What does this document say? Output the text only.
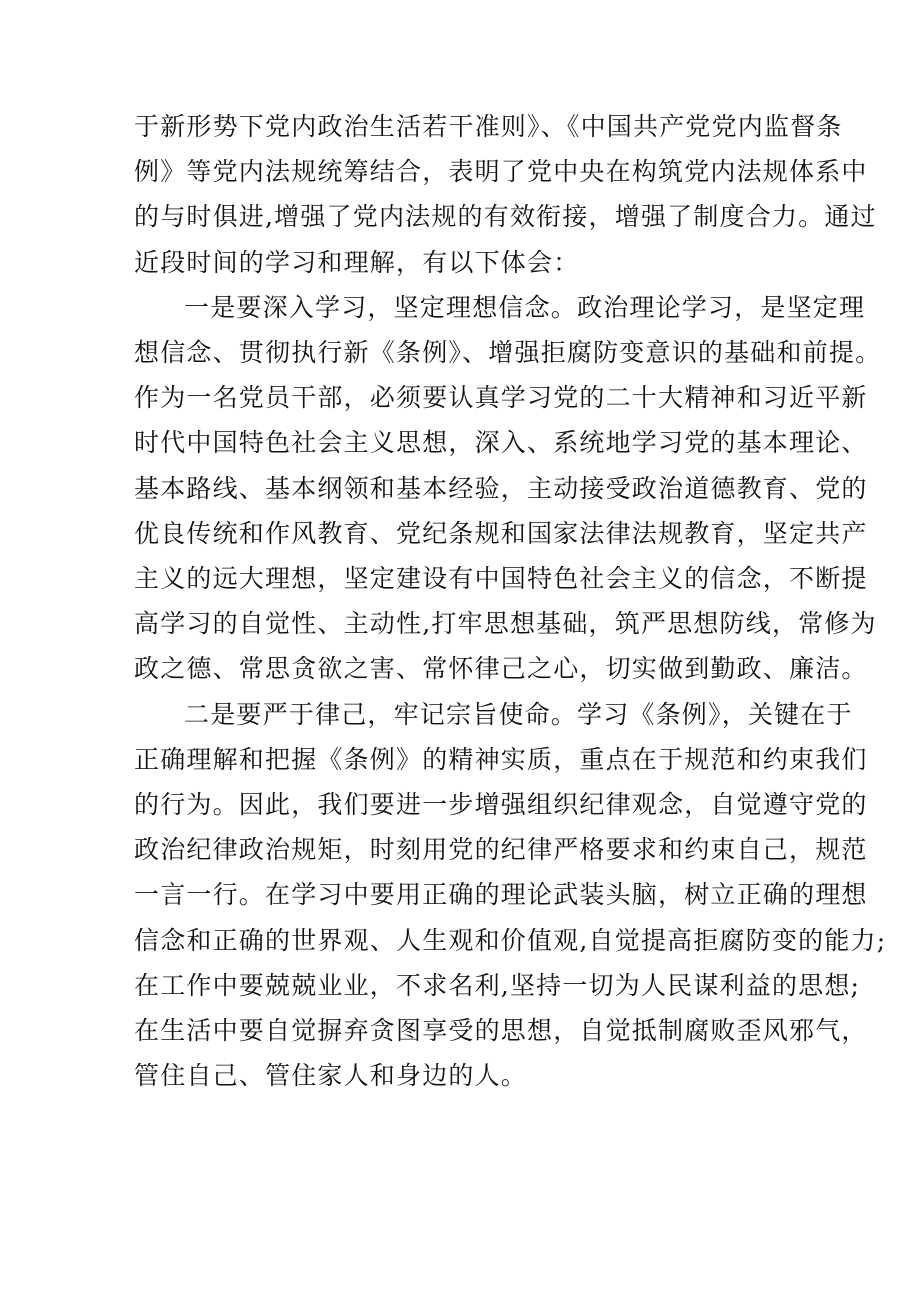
于新形势下党内政治生活若干准则》、《中国共产党党内监督条
例》等党内法规统筹结合，表明了党中央在构筑党内法规体系中
的与时俱进,增强了党内法规的有效衔接，增强了制度合力。通过
近段时间的学习和理解，有以下体会：
一是要深入学习，坚定理想信念。政治理论学习，是坚定理
想信念、贯彻执行新《条例》、增强拒腐防变意识的基础和前提。
作为一名党员干部，必须要认真学习党的二十大精神和习近平新
时代中国特色社会主义思想，深入、系统地学习党的基本理论、
基本路线、基本纲领和基本经验，主动接受政治道德教育、党的
优良传统和作风教育、党纪条规和国家法律法规教育，坚定共产
主义的远大理想，坚定建设有中国特色社会主义的信念，不断提
高学习的自觉性、主动性,打牢思想基础，筑严思想防线，常修为
政之德、常思贪欲之害、常怀律己之心，切实做到勤政、廉洁。
二是要严于律己，牢记宗旨使命。学习《条例》，关键在于
正确理解和把握《条例》的精神实质，重点在于规范和约束我们
的行为。因此，我们要进一步增强组织纪律观念，自觉遵守党的
政治纪律政治规矩，时刻用党的纪律严格要求和约束自己，规范
一言一行。在学习中要用正确的理论武装头脑，树立正确的理想
信念和正确的世界观、人生观和价值观,自觉提高拒腐防变的能力;
在工作中要兢兢业业，不求名利,坚持一切为人民谋利益的思想;
在生活中要自觉摒弃贪图享受的思想，自觉抵制腐败歪风邪气，
管住自己、管住家人和身边的人。
